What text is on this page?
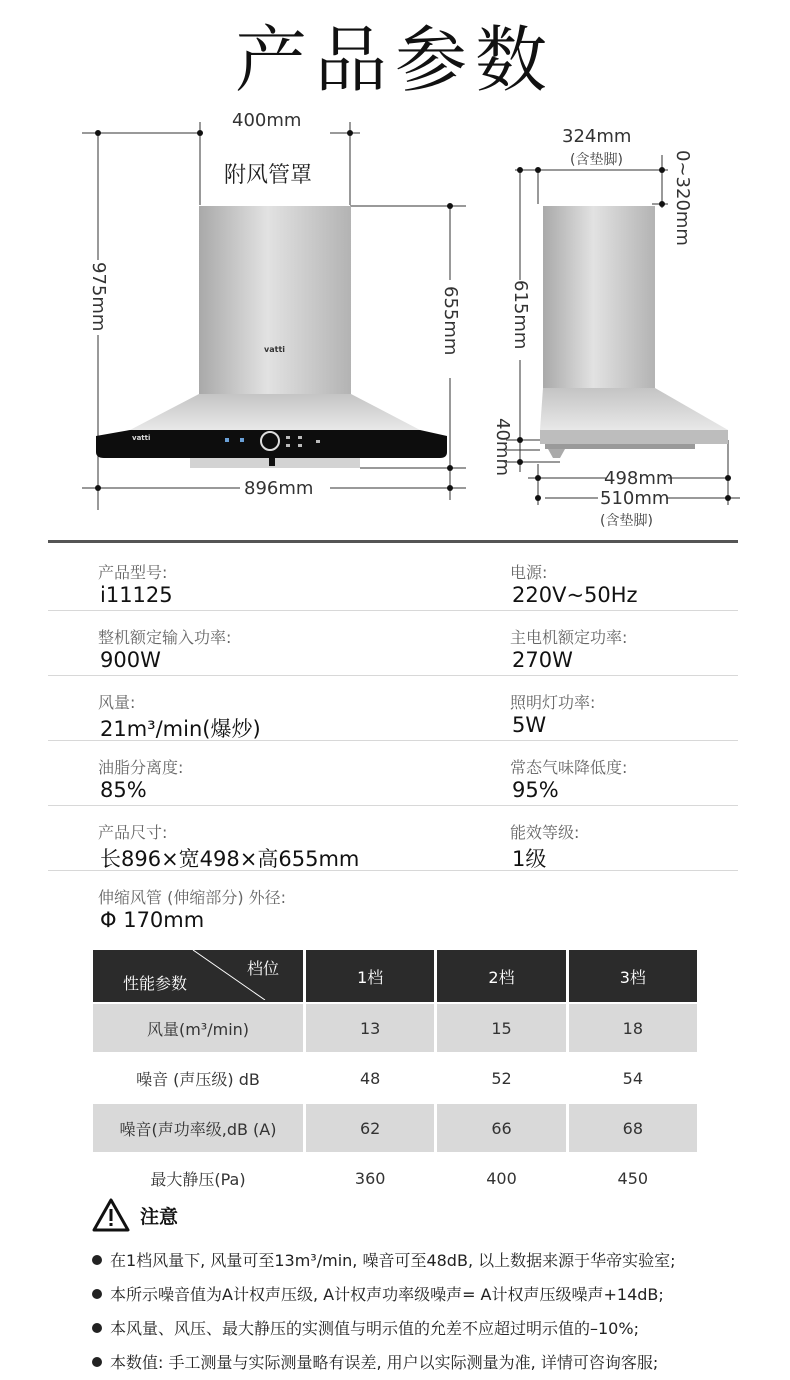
产品参数
400mm
附风管罩
975mm	655mm
896mm
vatti
vatti
324mm
(含垫脚)	0~320mm
615mm
40mm
498mm
510mm
(含垫脚)
产品型号:
i11125
电源:
220V~50Hz
整机额定输入功率:
900W
主电机额定功率:
270W
风量:
21m³/min(爆炒)
照明灯功率:
5W
油脂分离度:
85%
常态气味降低度:
95%
产品尺寸:
长896×宽498×高655mm
能效等级:
1级
伸缩风管 (伸缩部分) 外径:
Φ 170mm
档位
性能参数	1档	2档	3档
风量(m³/min)	13	15	18
噪音 (声压级) dB	48	52	54
噪音(声功率级,dB (A)	62	66	68
最大静压(Pa)	360	400	450
注意
在1档风量下, 风量可至13m³/min, 噪音可至48dB, 以上数据来源于华帝实验室;
本所示噪音值为A计权声压级, A计权声功率级噪声= A计权声压级噪声+14dB;
本风量、风压、最大静压的实测值与明示值的允差不应超过明示值的–10%;
本数值: 手工测量与实际测量略有误差, 用户以实际测量为准, 详情可咨询客服;
